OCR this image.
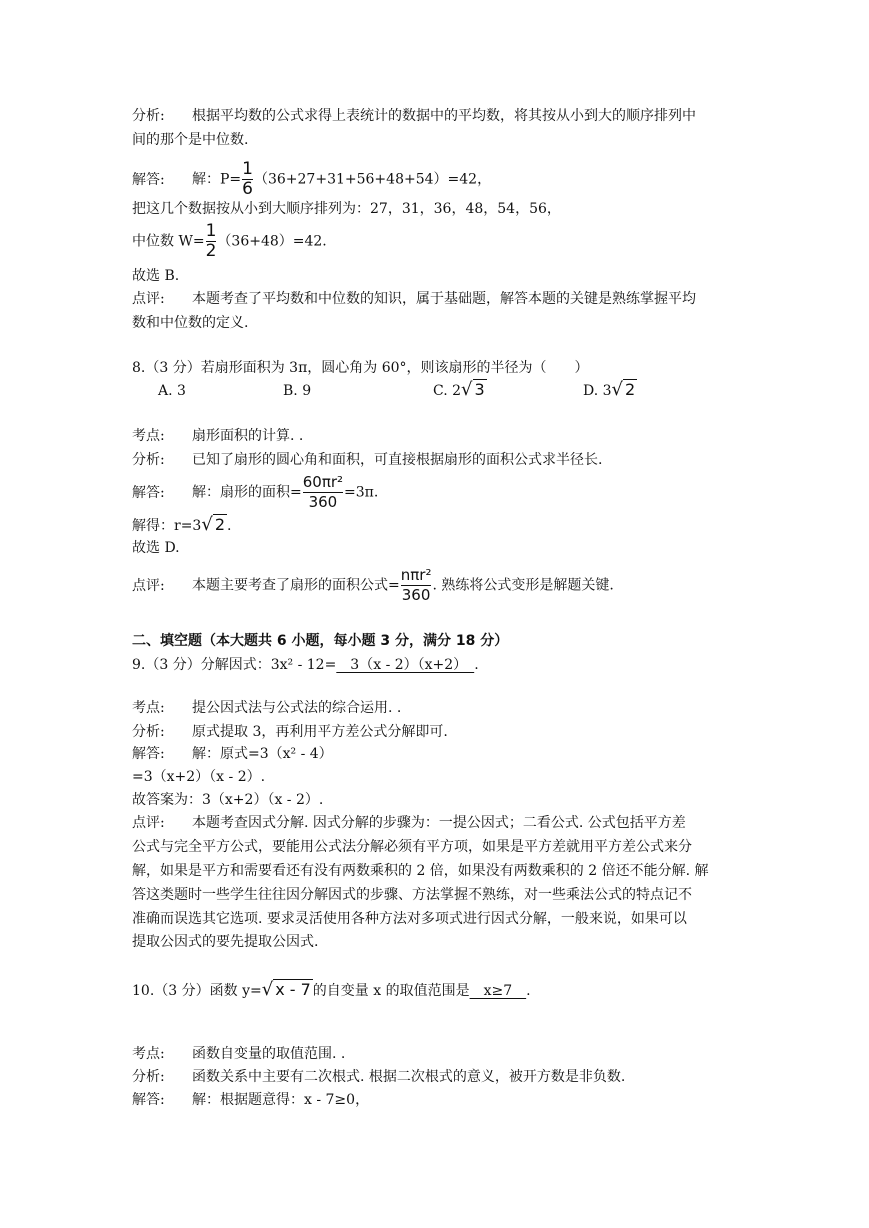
分析: 根据平均数的公式求得上表统计的数据中的平均数，将其按从小到大的顺序排列中
间的那个是中位数.
解答: 解：$P= \frac{1}{6} (36+27+31+56+48+54)=42$，
把这几个数据按从小到大顺序排列为：27，31，36，48，54，56，
中位数 $W= \frac{1}{2} (36+48)=42$.
故选 B.
点评: 本题考查了平均数和中位数的知识，属于基础题，解答本题的关键是熟练掌握平均
数和中位数的定义.
8.（3 分）若扇形面积为 3π，圆心角为 60°，则该扇形的半径为（　　）
A. 3	B. 9	C. 2√ 3	D. 3√ 2
考点: 扇形面积的计算. .
分析: 已知了扇形的圆心角和面积，可直接根据扇形的面积公式求半径长.
解答: 解：扇形的面积= $\frac{\text{60πr²}}{360} =3\pi$.
解得：r=3√ 2 .
故选 D.
点评: 本题主要考查了扇形的面积公式= $\frac{\text{nπr²}}{360}$ . 熟练将公式变形是解题关键.
二、填空题（本大题共 6 小题，每小题 3 分，满分 18 分）
9.（3 分）分解因式：3x² - 12=　3（x - 2）（x+2）　.
考点: 提公因式法与公式法的综合运用. .
分析: 原式提取 3，再利用平方差公式分解即可.
解答: 解：原式=3（x² - 4）
=3（x+2）（x - 2）.
故答案为：3（x+2）（x - 2）.
点评: 本题考查因式分解. 因式分解的步骤为：一提公因式；二看公式. 公式包括平方差
公式与完全平方公式，要能用公式法分解必须有平方项，如果是平方差就用平方差公式来分
解，如果是平方和需要看还有没有两数乘积的 2 倍，如果没有两数乘积的 2 倍还不能分解. 解
答这类题时一些学生往往因分解因式的步骤、方法掌握不熟练，对一些乘法公式的特点记不
准确而误选其它选项. 要求灵活使用各种方法对多项式进行因式分解，一般来说，如果可以
提取公因式的要先提取公因式.
10.（3 分）函数 y=√ x - 7 的自变量 x 的取值范围是　x≥7　.
考点: 函数自变量的取值范围. .
分析: 函数关系中主要有二次根式. 根据二次根式的意义，被开方数是非负数.
解答: 解：根据题意得：x - 7≥0，
